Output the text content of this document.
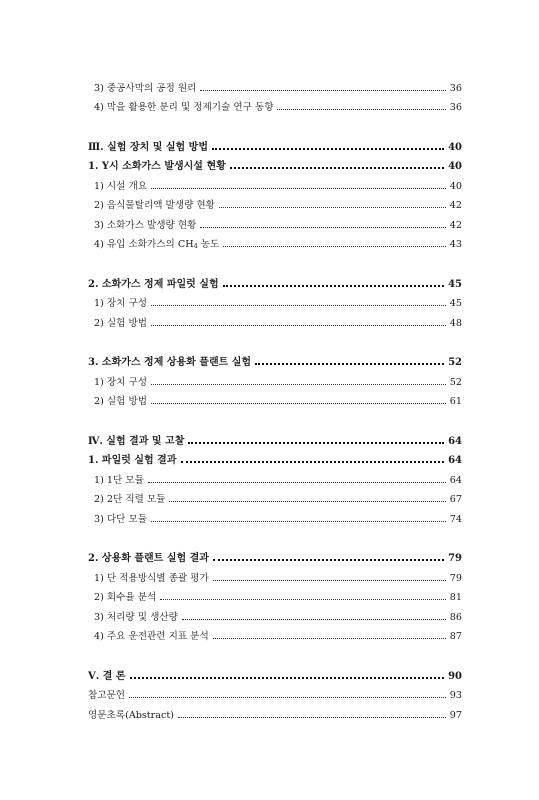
3) 중공사막의 공정 원리	36
4) 막을 활용한 분리 및 정제기술 연구 동향	36
Ⅲ. 실험 장치 및 실험 방법	40
1. Y시 소화가스 발생시설 현황	40
1) 시설 개요	40
2) 음식물탈리액 발생량 현황	42
3) 소화가스 발생량 현황	42
4) 유입 소화가스의 $CH_4$ 농도	43
2. 소화가스 정제 파일럿 실험	45
1) 장치 구성	45
2) 실험 방법	48
3. 소화가스 정제 상용화 플랜트 실험	52
1) 장치 구성	52
2) 실험 방법	61
Ⅳ. 실험 결과 및 고찰	64
1. 파일럿 실험 결과	64
1) 1단 모듈	64
2) 2단 직렬 모듈	67
3) 다단 모듈	74
2. 상용화 플랜트 실험 결과	79
1) 단 적용방식별 종괄 평가	79
2) 회수율 분석	81
3) 처리량 및 생산량	86
4) 주요 운전관련 지표 분석	87
Ⅴ. 결 론	90
참고문헌	93
영문초록(Abstract)	97
